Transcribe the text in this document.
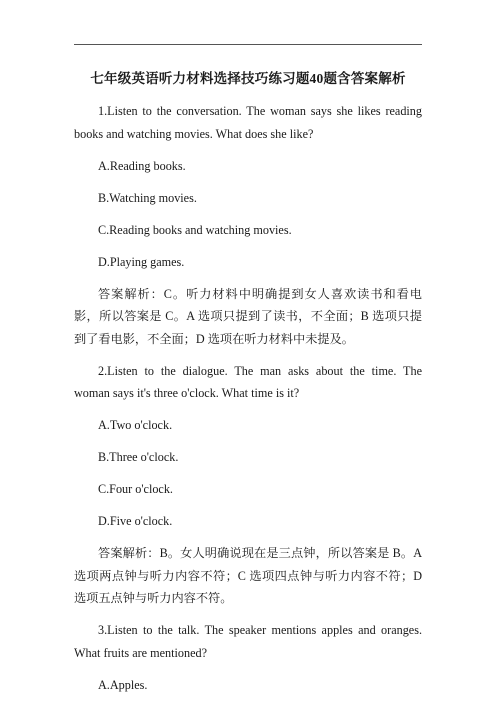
七年级英语听力材料选择技巧练习题40题含答案解析

1.Listen to the conversation. The woman says she likes reading books and watching movies. What does she like?

A.Reading books.

B.Watching movies.

C.Reading books and watching movies.

D.Playing games.

答案解析：C。听力材料中明确提到女人喜欢读书和看电影，所以答案是 C。A 选项只提到了读书，不全面；B 选项只提到了看电影，不全面；D 选项在听力材料中未提及。

2.Listen to the dialogue. The man asks about the time. The woman says it's three o'clock. What time is it?

A.Two o'clock.

B.Three o'clock.

C.Four o'clock.

D.Five o'clock.

答案解析：B。女人明确说现在是三点钟，所以答案是 B。A 选项两点钟与听力内容不符；C 选项四点钟与听力内容不符；D 选项五点钟与听力内容不符。

3.Listen to the talk. The speaker mentions apples and oranges. What fruits are mentioned?

A.Apples.
